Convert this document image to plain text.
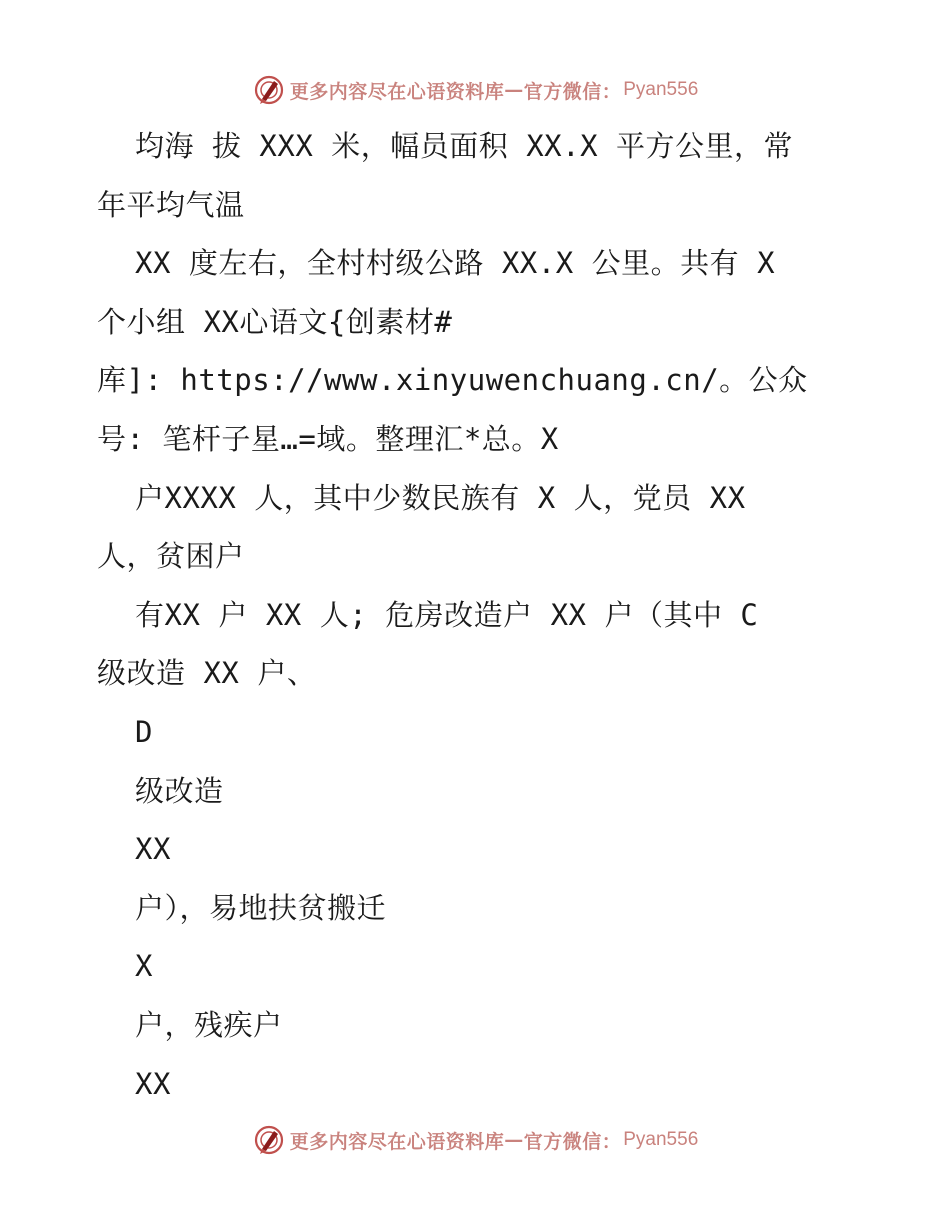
更多内容尽在心语资料库 — 官方微信： Pyan556
均海 拔 XXX 米，幅员面积 XX.X 平方公里，常
年平均气温
XX 度左右，全村村级公路 XX.X 公里。共有 X
个小组 XX心语文{创素材#
库]: https://www.xinyuwenchuang.cn/。公众
号: 笔杆子星…=域。整理汇*总。X
户XXXX 人，其中少数民族有 X 人，党员 XX
人，贫困户
有XX 户 XX 人; 危房改造户 XX 户（其中 C
级改造 XX 户、
D
级改造
XX
户），易地扶贫搬迁
X
户，残疾户
XX
更多内容尽在心语资料库 — 官方微信： Pyan556
